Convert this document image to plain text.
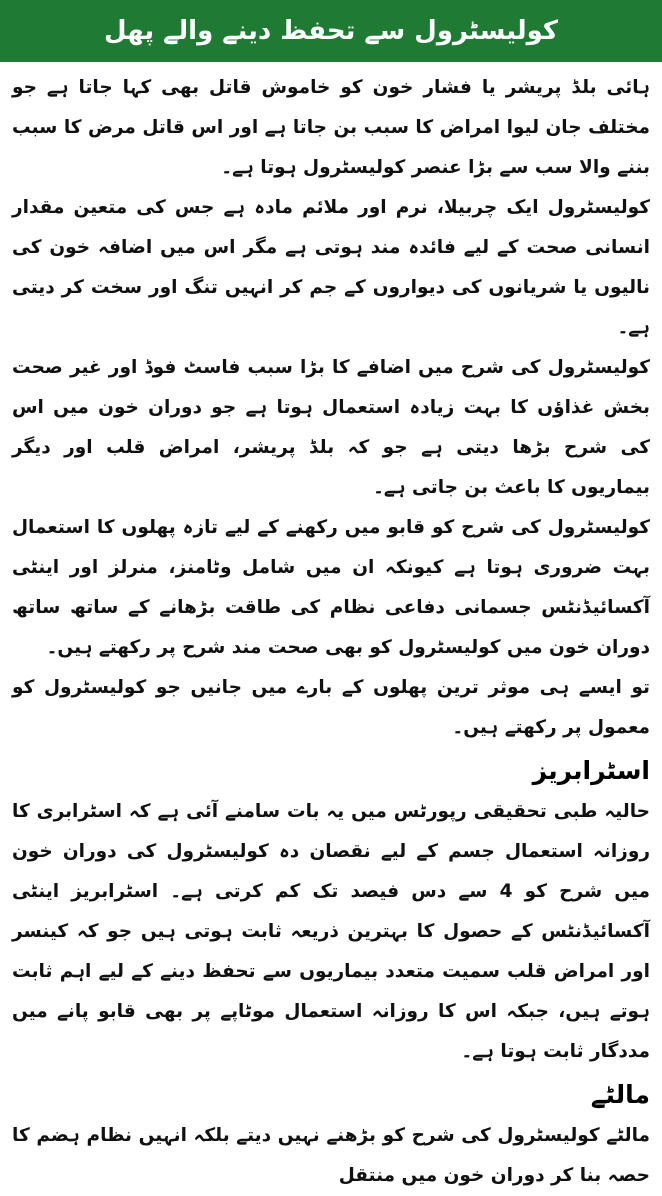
کولیسٹرول سے تحفظ دینے والے پھل

ہائی بلڈ پریشر یا فشار خون کو خاموش قاتل بھی کہا جاتا ہے جو مختلف جان لیوا امراض کا سبب بن جاتا ہے اور اس قاتل مرض کا سبب بننے والا سب سے بڑا عنصر کولیسٹرول ہوتا ہے۔

کولیسٹرول ایک چربیلا، نرم اور ملائم مادہ ہے جس کی متعین مقدار انسانی صحت کے لیے فائدہ مند ہوتی ہے مگر اس میں اضافہ خون کی نالیوں یا شریانوں کی دیواروں کے جم کر انہیں تنگ اور سخت کر دیتی ہے۔

کولیسٹرول کی شرح میں اضافے کا بڑا سبب فاسٹ فوڈ اور غیر صحت بخش غذاؤں کا بہت زیادہ استعمال ہوتا ہے جو دوران خون میں اس کی شرح بڑھا دیتی ہے جو کہ بلڈ پریشر، امراض قلب اور دیگر بیماریوں کا باعث بن جاتی ہے۔

کولیسٹرول کی شرح کو قابو میں رکھنے کے لیے تازہ پھلوں کا استعمال بہت ضروری ہوتا ہے کیونکہ ان میں شامل وٹامنز، منرلز اور اینٹی آکسائیڈنٹس جسمانی دفاعی نظام کی طاقت بڑھانے کے ساتھ ساتھ دوران خون میں کولیسٹرول کو بھی صحت مند شرح پر رکھتے ہیں۔

تو ایسے ہی موثر ترین پھلوں کے بارے میں جانیں جو کولیسٹرول کو معمول پر رکھتے ہیں۔

اسٹرابریز

حالیہ طبی تحقیقی رپورٹس میں یہ بات سامنے آئی ہے کہ اسٹرابری کا روزانہ استعمال جسم کے لیے نقصان دہ کولیسٹرول کی دوران خون میں شرح کو 4 سے دس فیصد تک کم کرتی ہے۔ اسٹرابریز اینٹی آکسائیڈنٹس کے حصول کا بہترین ذریعہ ثابت ہوتی ہیں جو کہ کینسر اور امراض قلب سمیت متعدد بیماریوں سے تحفظ دینے کے لیے اہم ثابت ہوتے ہیں، جبکہ اس کا روزانہ استعمال موٹاپے پر بھی قابو پانے میں مددگار ثابت ہوتا ہے۔

مالٹے

مالٹے کولیسٹرول کی شرح کو بڑھنے نہیں دیتے بلکہ انہیں نظام ہضم کا حصہ بنا کر دوران خون میں منتقل
